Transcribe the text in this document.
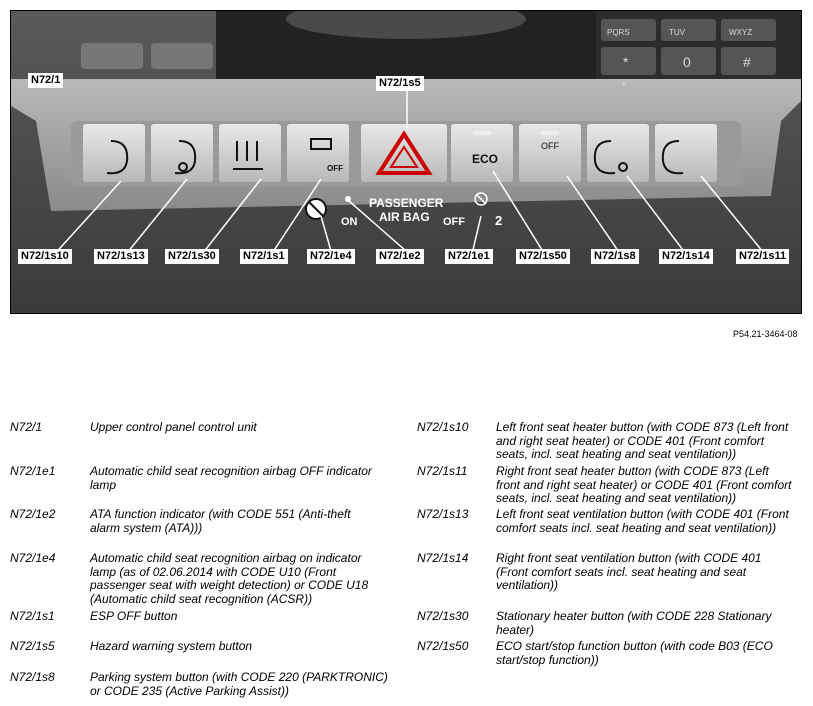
PASSENGER
AIR BAG
ON	OFF 2
ECO
OFF
OFF
PQRS	TUV	WXYZ
*	0	#
+
N72/1	N72/1s5
N72/1s10	N72/1s13 N72/1s30 N72/1s1 N72/1e4 N72/1e2 N72/1e1	N72/1s50 N72/1s8 N72/1s14	N72/1s11
P54.21-3464-08
N72/1	Upper control panel control unit
N72/1e1	Automatic child seat recognition airbag OFF indicator lamp
N72/1e2	ATA function indicator (with CODE 551 (Anti-theft alarm system (ATA)))
N72/1e4	Automatic child seat recognition airbag on indicator lamp (as of 02.06.2014 with CODE U10 (Front passenger seat with weight detection) or CODE U18 (Automatic child seat recognition (ACSR))
N72/1s1	ESP OFF button
N72/1s5	Hazard warning system button
N72/1s8	Parking system button (with CODE 220 (PARKTRONIC) or CODE 235 (Active Parking Assist))
N72/1s10 Left front seat heater button (with CODE 873 (Left front and right seat heater) or CODE 401 (Front comfort seats, incl. seat heating and seat ventilation))
N72/1s11 Right front seat heater button (with CODE 873 (Left front and right seat heater) or CODE 401 (Front comfort seats, incl. seat heating and seat ventilation))
N72/1s13 Left front seat ventilation button (with CODE 401 (Front comfort seats incl. seat heating and seat ventilation))
N72/1s14 Right front seat ventilation button (with CODE 401 (Front comfort seats incl. seat heating and seat ventilation))
N72/1s30 Stationary heater button (with CODE 228 Stationary heater)
N72/1s50 ECO start/stop function button (with code B03 (ECO start/stop function))
